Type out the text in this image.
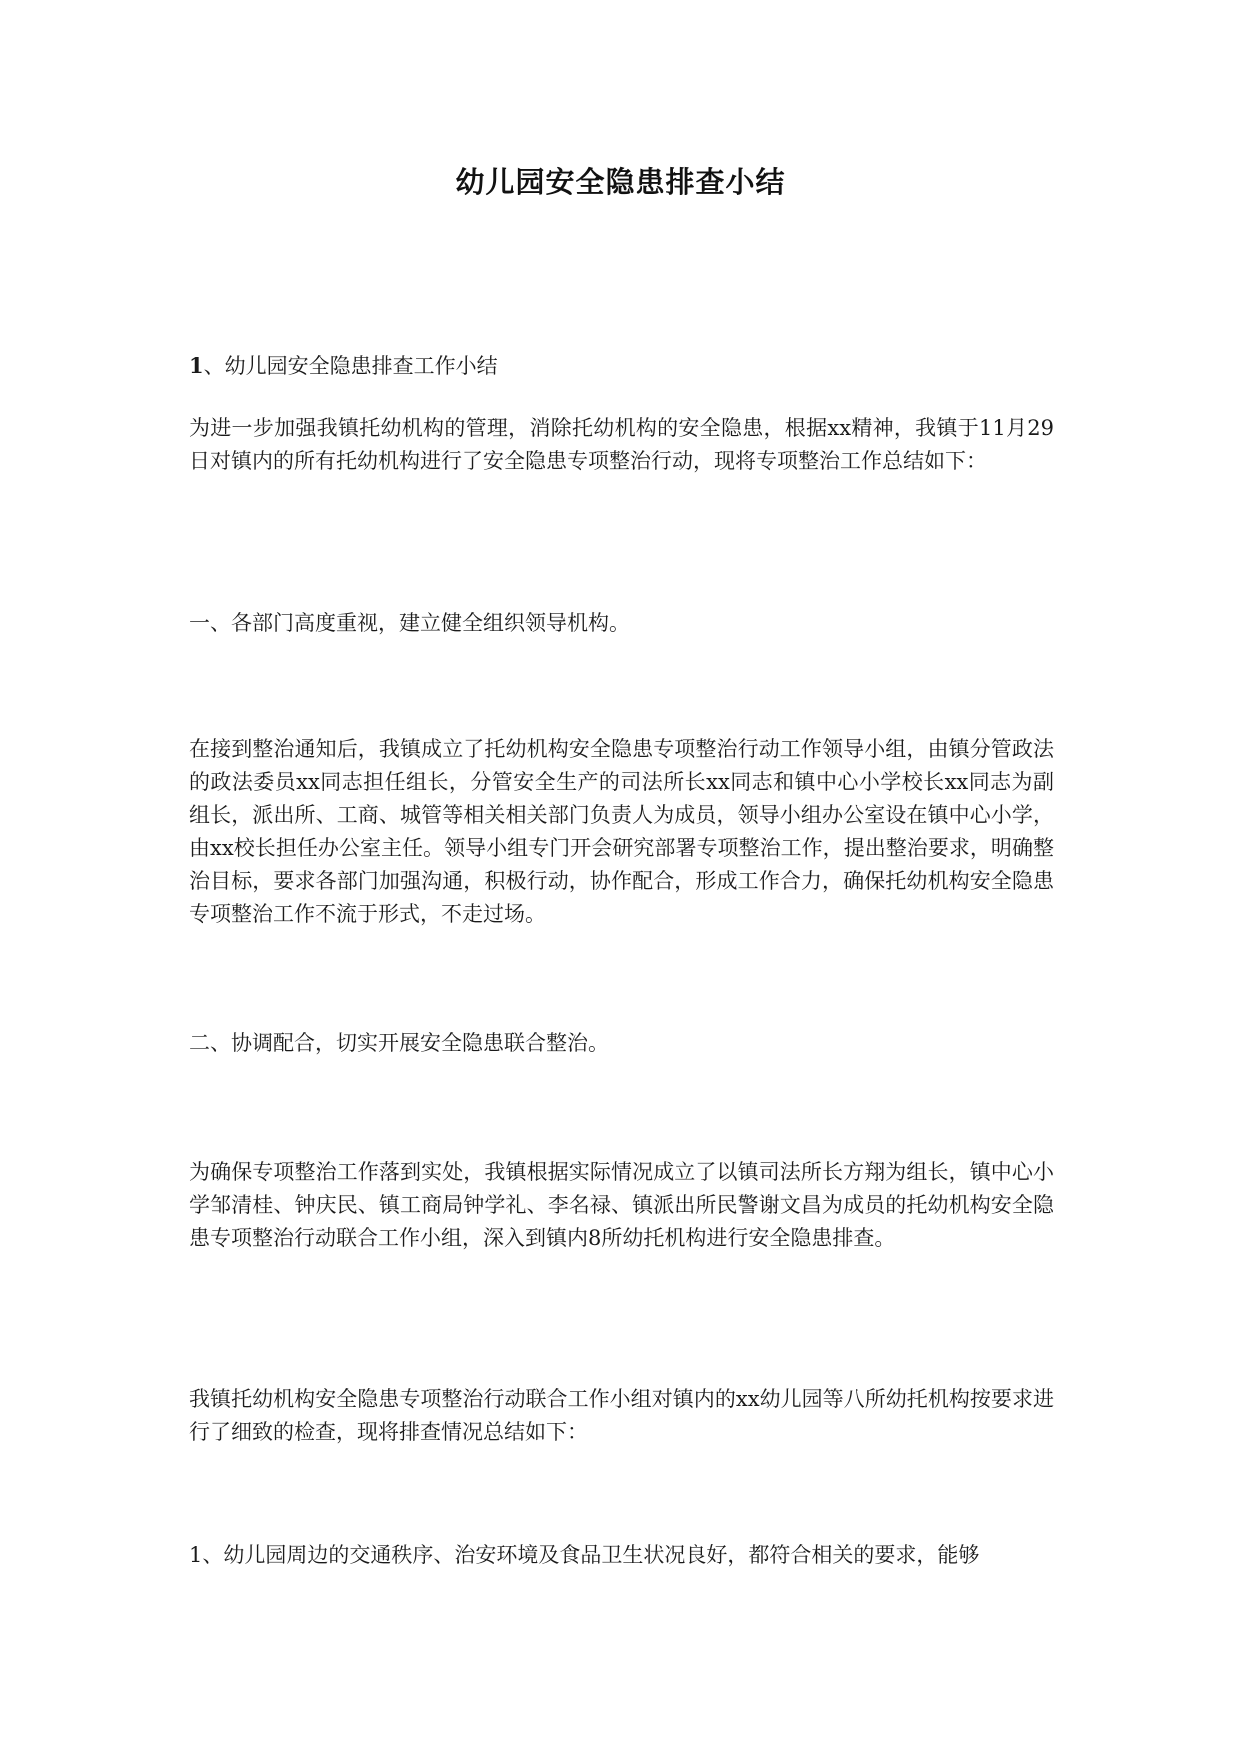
幼儿园安全隐患排查小结
1、幼儿园安全隐患排查工作小结
为进一步加强我镇托幼机构的管理，消除托幼机构的安全隐患，根据xx精神，我镇于11月29日对镇内的所有托幼机构进行了安全隐患专项整治行动，现将专项整治工作总结如下：
一、各部门高度重视，建立健全组织领导机构。
在接到整治通知后，我镇成立了托幼机构安全隐患专项整治行动工作领导小组，由镇分管政法的政法委员xx同志担任组长，分管安全生产的司法所长xx同志和镇中心小学校长xx同志为副组长，派出所、工商、城管等相关相关部门负责人为成员，领导小组办公室设在镇中心小学，由xx校长担任办公室主任。领导小组专门开会研究部署专项整治工作，提出整治要求，明确整治目标，要求各部门加强沟通，积极行动，协作配合，形成工作合力，确保托幼机构安全隐患专项整治工作不流于形式，不走过场。
二、协调配合，切实开展安全隐患联合整治。
为确保专项整治工作落到实处，我镇根据实际情况成立了以镇司法所长方翔为组长，镇中心小学邹清桂、钟庆民、镇工商局钟学礼、李名禄、镇派出所民警谢文昌为成员的托幼机构安全隐患专项整治行动联合工作小组，深入到镇内8所幼托机构进行安全隐患排查。
我镇托幼机构安全隐患专项整治行动联合工作小组对镇内的xx幼儿园等八所幼托机构按要求进行了细致的检查，现将排查情况总结如下：
1、幼儿园周边的交通秩序、治安环境及食品卫生状况良好，都符合相关的要求，能够
